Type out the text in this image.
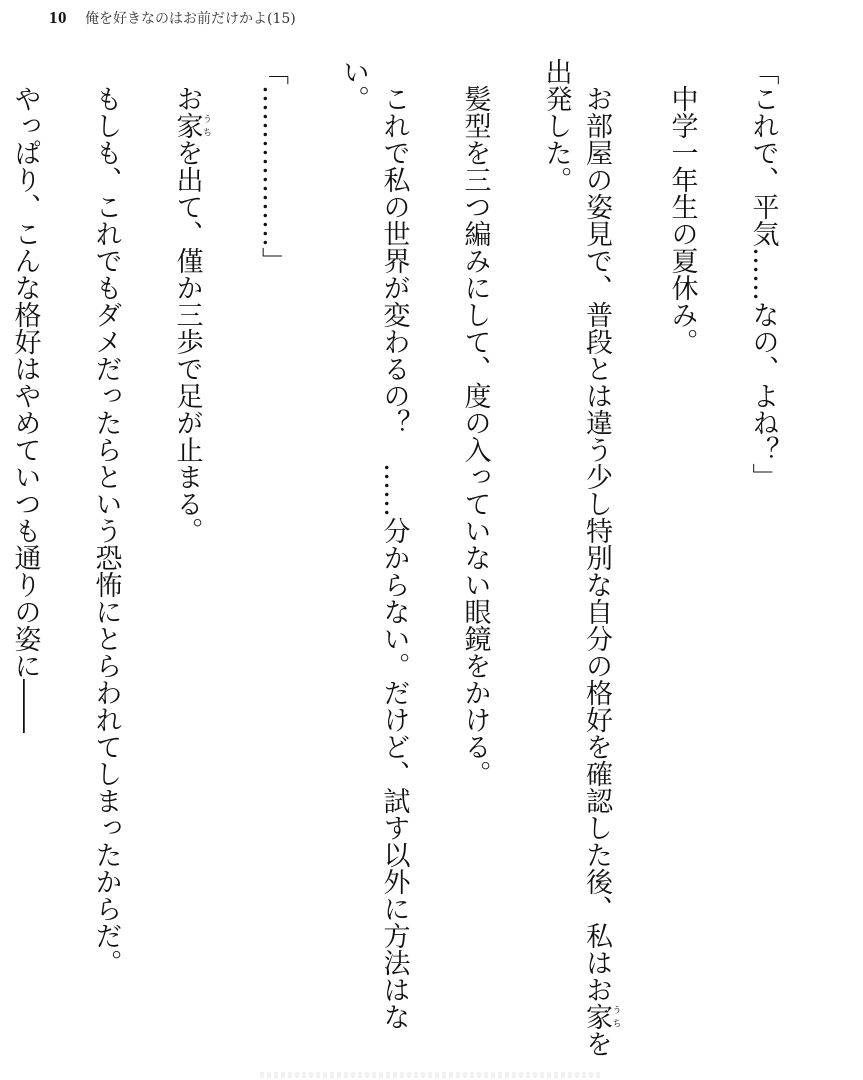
10 俺を好きなのはお前だけかよ(15)

「これで、平気……なの、よね？」

　中学一年生の夏休み。

　お部屋の姿見で、普段とは違う少し特別な自分の格好を確認した後、私はお家うちを出発した。

　髪型を三つ編みにして、度の入っていない眼鏡をかける。

　これで私の世界が変わるの？　……分からない。だけど、試す以外に方法はない。

「………………」

　お家うちを出て、僅か三歩で足が止まる。

　もしも、これでもダメだったらという恐怖にとらわれてしまったからだ。

　やっぱり、こんな格好はやめていつも通りの姿に――
